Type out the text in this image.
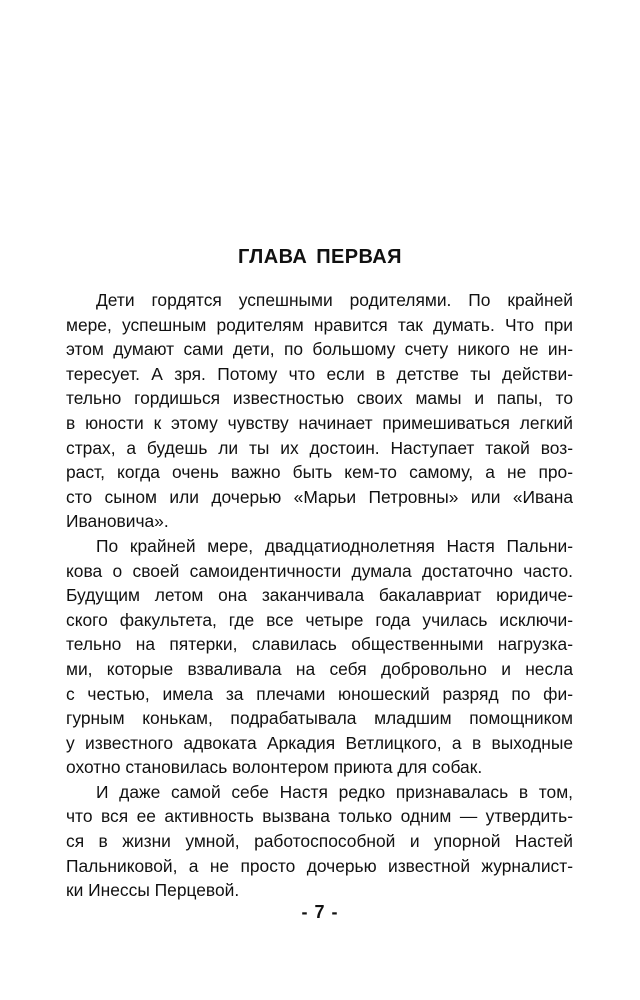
ГЛАВА ПЕРВАЯ
Дети гордятся успешными родителями. По крайней
мере, успешным родителям нравится так думать. Что при
этом думают сами дети, по большому счету никого не ин-
тересует. А зря. Потому что если в детстве ты действи-
тельно гордишься известностью своих мамы и папы, то
в юности к этому чувству начинает примешиваться легкий
страх, а будешь ли ты их достоин. Наступает такой воз-
раст, когда очень важно быть кем-то самому, а не про-
сто сыном или дочерью «Марьи Петровны» или «Ивана
Ивановича».
По крайней мере, двадцатиоднолетняя Настя Пальни-
кова о своей самоидентичности думала достаточно часто.
Будущим летом она заканчивала бакалавриат юридиче-
ского факультета, где все четыре года училась исключи-
тельно на пятерки, славилась общественными нагрузка-
ми, которые взваливала на себя добровольно и несла
с честью, имела за плечами юношеский разряд по фи-
гурным конькам, подрабатывала младшим помощником
у известного адвоката Аркадия Ветлицкого, а в выходные
охотно становилась волонтером приюта для собак.
И даже самой себе Настя редко признавалась в том,
что вся ее активность вызвана только одним — утвердить-
ся в жизни умной, работоспособной и упорной Настей
Пальниковой, а не просто дочерью известной журналист-
ки Инессы Перцевой.
- 7 -
